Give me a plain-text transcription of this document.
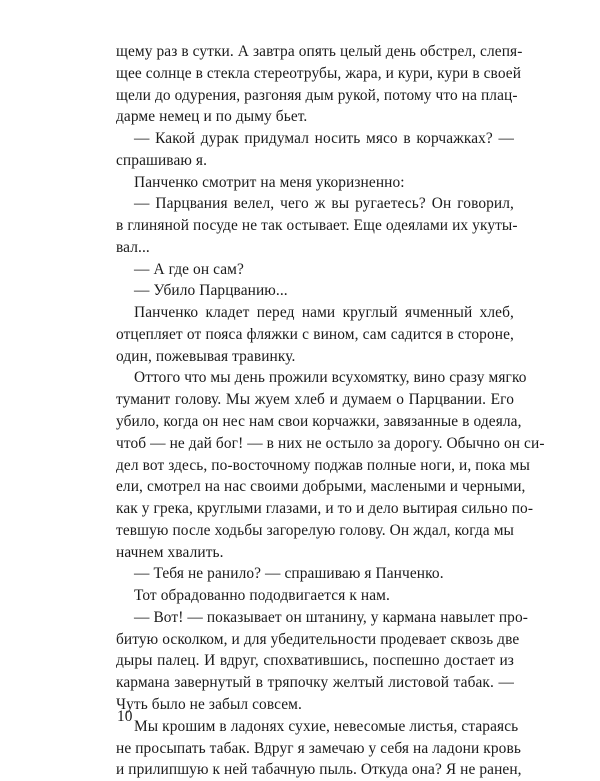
щему раз в сутки. А завтра опять целый день обстрел, слепя-
щее солнце в стекла стереотрубы, жара, и кури, кури в своей
щели до одурения, разгоняя дым рукой, потому что на плац-
дарме немец и по дыму бьет.
— Какой дурак придумал носить мясо в корчажках? —
спрашиваю я.
Панченко смотрит на меня укоризненно:
— Парцвания велел, чего ж вы ругаетесь? Он говорил,
в глиняной посуде не так остывает. Еще одеялами их укуты-
вал...
— А где он сам?
— Убило Парцванию...
Панченко кладет перед нами круглый ячменный хлеб,
отцепляет от пояса фляжки с вином, сам садится в стороне,
один, пожевывая травинку.
Оттого что мы день прожили всухомятку, вино сразу мягко
туманит голову. Мы жуем хлеб и думаем о Парцвании. Его
убило, когда он нес нам свои корчажки, завязанные в одеяла,
чтоб — не дай бог! — в них не остыло за дорогу. Обычно он си-
дел вот здесь, по-восточному поджав полные ноги, и, пока мы
ели, смотрел на нас своими добрыми, маслеными и черными,
как у грека, круглыми глазами, и то и дело вытирая сильно по-
тевшую после ходьбы загорелую голову. Он ждал, когда мы
начнем хвалить.
— Тебя не ранило? — спрашиваю я Панченко.
Тот обрадованно пододвигается к нам.
— Вот! — показывает он штанину, у кармана навылет про-
битую осколком, и для убедительности продевает сквозь две
дыры палец. И вдруг, спохватившись, поспешно достает из
кармана завернутый в тряпочку желтый листовой табак. —
Чуть было не забыл совсем.
Мы крошим в ладонях сухие, невесомые листья, стараясь
не просыпать табак. Вдруг я замечаю у себя на ладони кровь
и прилипшую к ней табачную пыль. Откуда она? Я не ранен,
10
